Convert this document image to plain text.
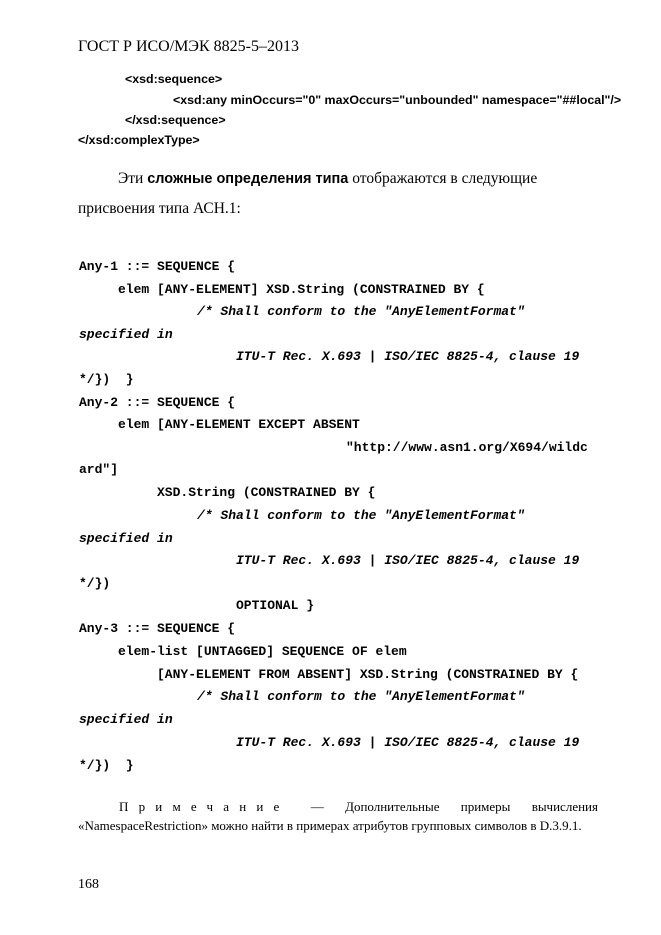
ГОСТ Р ИСО/МЭК 8825-5–2013
<xsd:sequence>
<xsd:any minOccurs="0" maxOccurs="unbounded" namespace="##local"/>
</xsd:sequence>
</xsd:complexType>
Эти сложные определения типа отображаются в следующие
присвоения типа АСН.1:
Any-1 ::= SEQUENCE {
elem [ANY-ELEMENT] XSD.String (CONSTRAINED BY {
/* Shall conform to the "AnyElementFormat"
specified in
ITU-T Rec. X.693 | ISO/IEC 8825-4, clause 19
*/})  }
Any-2 ::= SEQUENCE {
elem [ANY-ELEMENT EXCEPT ABSENT
"http://www.asn1.org/X694/wildc
ard"]
XSD.String (CONSTRAINED BY {
/* Shall conform to the "AnyElementFormat"
specified in
ITU-T Rec. X.693 | ISO/IEC 8825-4, clause 19
*/})
OPTIONAL }
Any-3 ::= SEQUENCE {
elem-list [UNTAGGED] SEQUENCE OF elem
[ANY-ELEMENT FROM ABSENT] XSD.String (CONSTRAINED BY {
/* Shall conform to the "AnyElementFormat"
specified in
ITU-T Rec. X.693 | ISO/IEC 8825-4, clause 19
*/})  }
Примечание — Дополнительные примеры вычисления
«NamespaceRestriction» можно найти в примерах атрибутов групповых символов в D.3.9.1.
168
